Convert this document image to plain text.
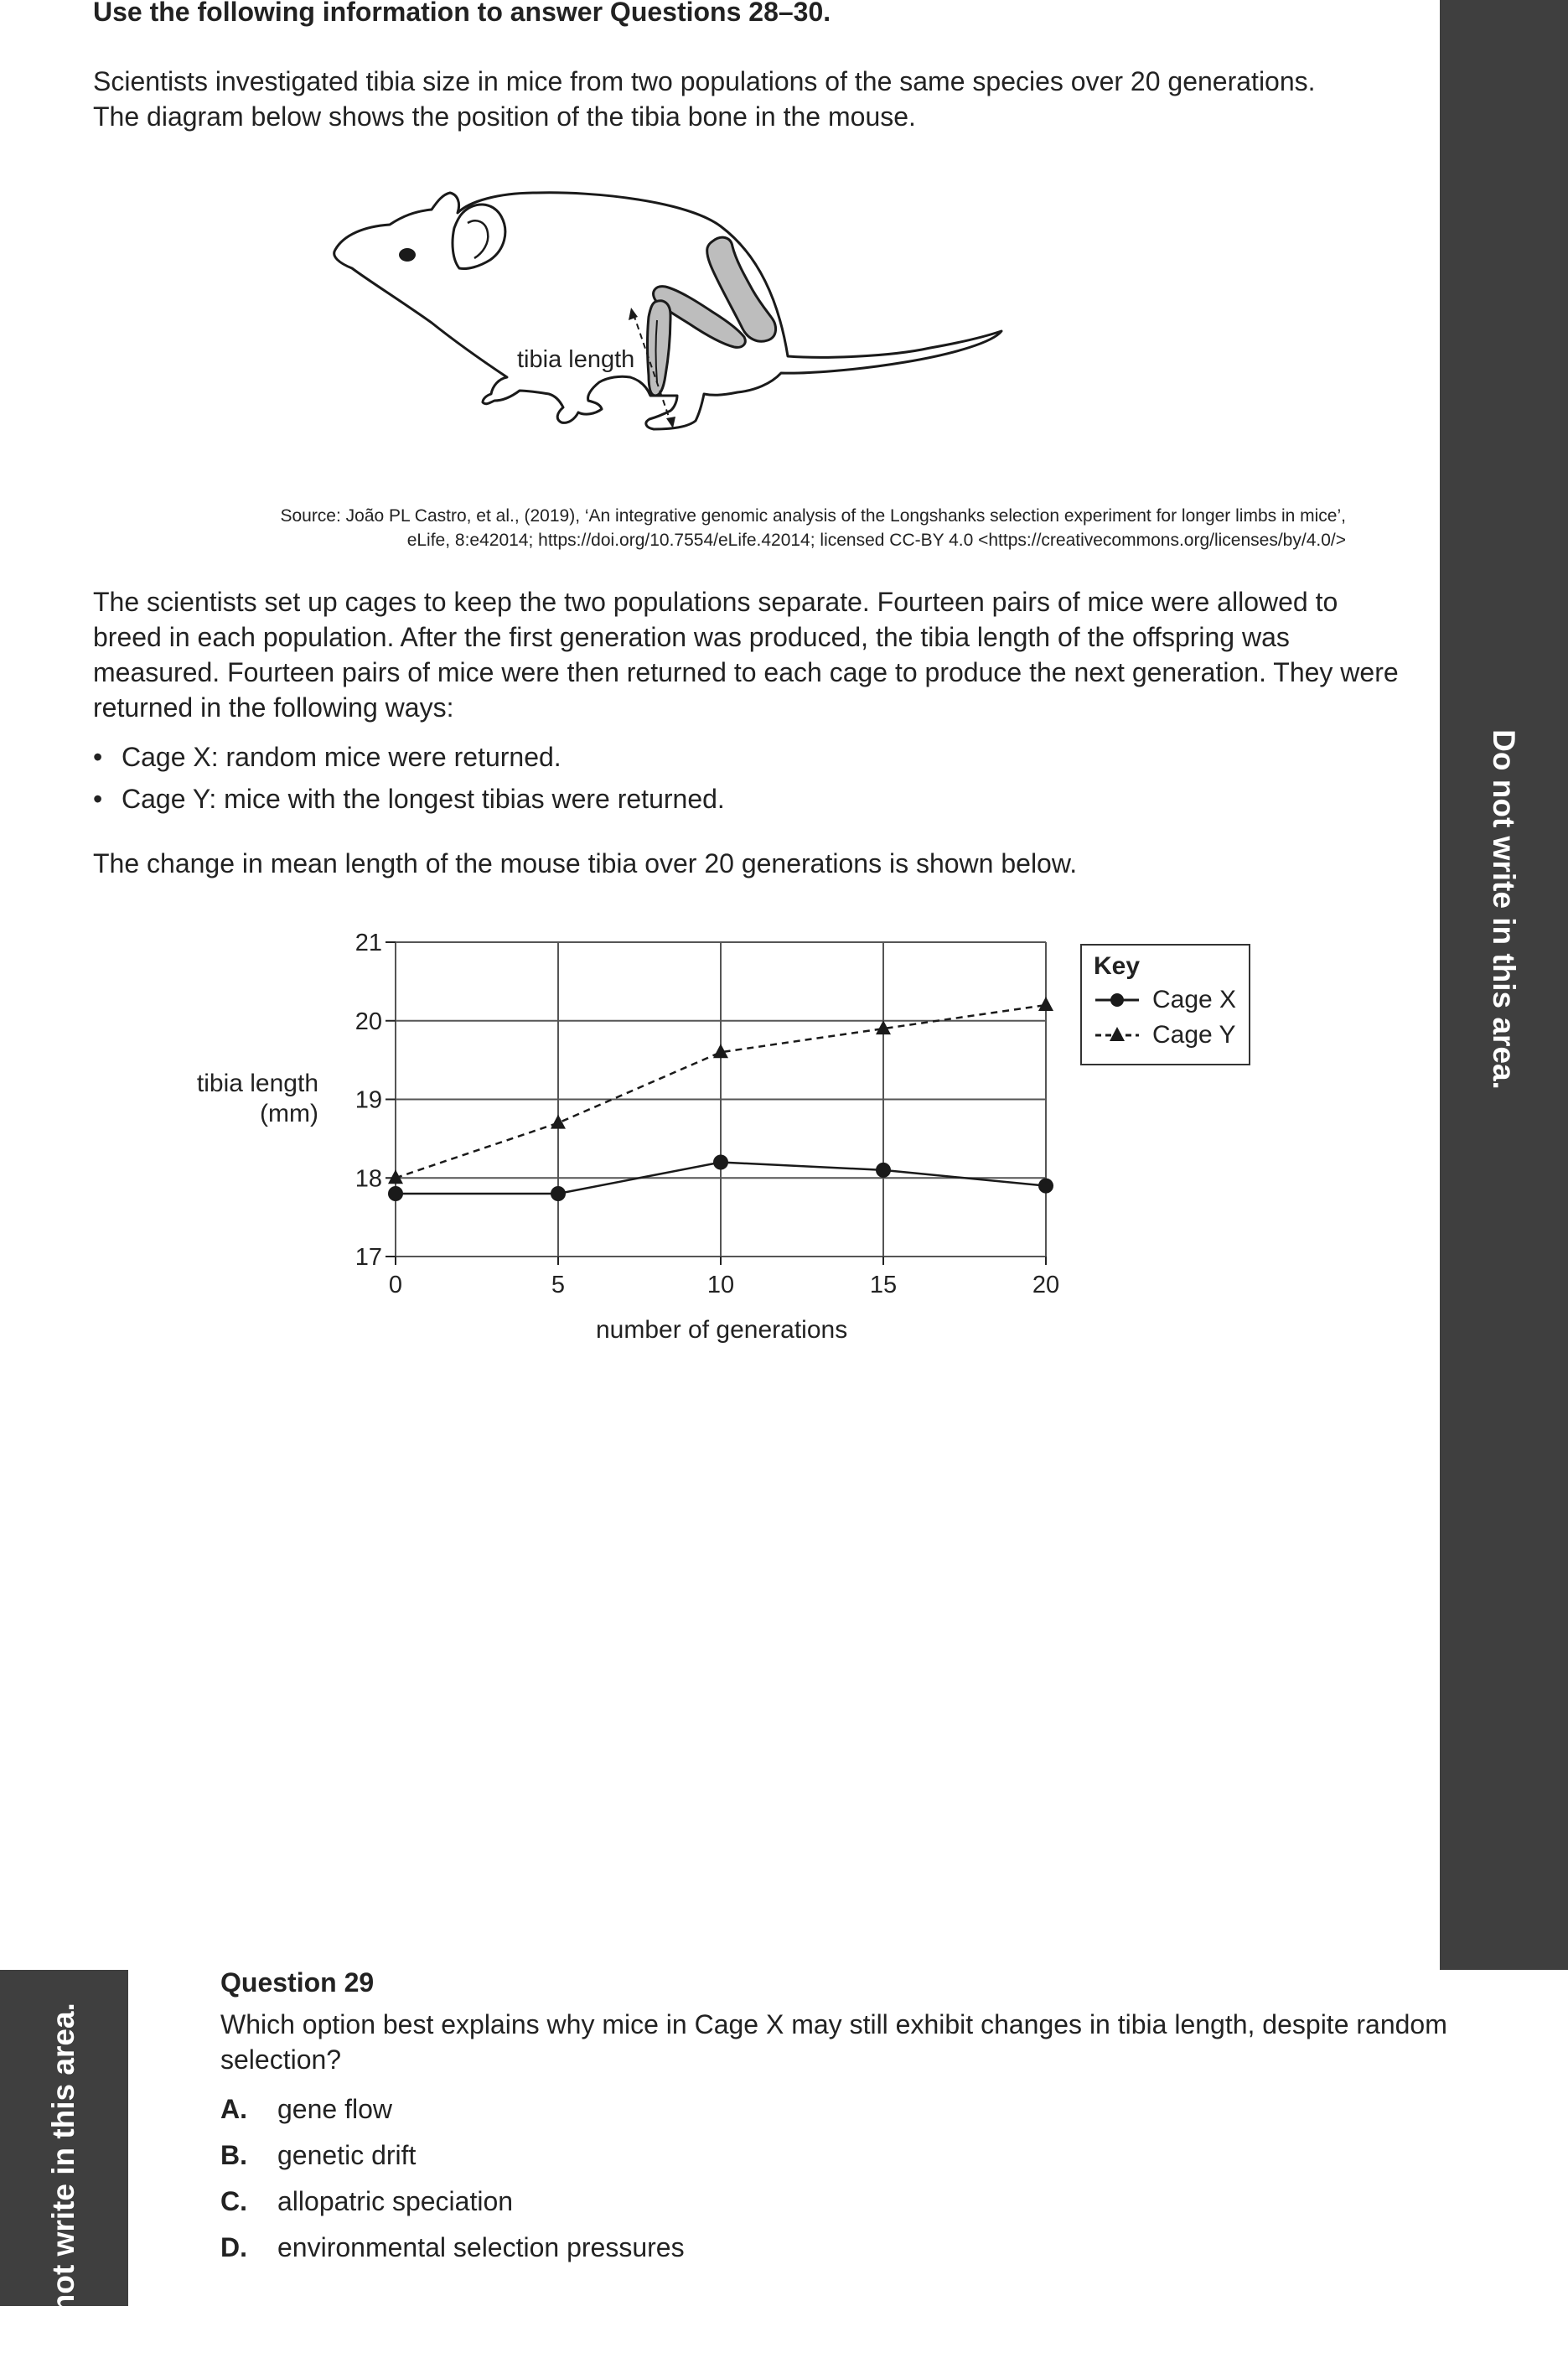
Do not write in this area.
Do not write in this area.
Use the following information to answer Questions 28–30.
Scientists investigated tibia size in mice from two populations of the same species over 20 generations.
The diagram below shows the position of the tibia bone in the mouse.
tibia length
Source: João PL Castro, et al., (2019), ‘An integrative genomic analysis of the Longshanks selection experiment for longer limbs in mice’,
eLife, 8:e42014; https://doi.org/10.7554/eLife.42014; licensed CC-BY 4.0 <https://creativecommons.org/licenses/by/4.0/>
The scientists set up cages to keep the two populations separate. Fourteen pairs of mice were allowed to breed in each population. After the first generation was produced, the tibia length of the offspring was measured. Fourteen pairs of mice were then returned to each cage to produce the next generation. They were returned in the following ways:
• Cage X: random mice were returned.
• Cage Y: mice with the longest tibias were returned.
The change in mean length of the mouse tibia over 20 generations is shown below.
tibia length
(mm)
number of generations
17
18
19
20
21
0	5	10	15	20
Key
Cage X
Cage Y
Question 29
Which option best explains why mice in Cage X may still exhibit changes in tibia length, despite random selection?
A. gene flow
B. genetic drift
C. allopatric speciation
D. environmental selection pressures
